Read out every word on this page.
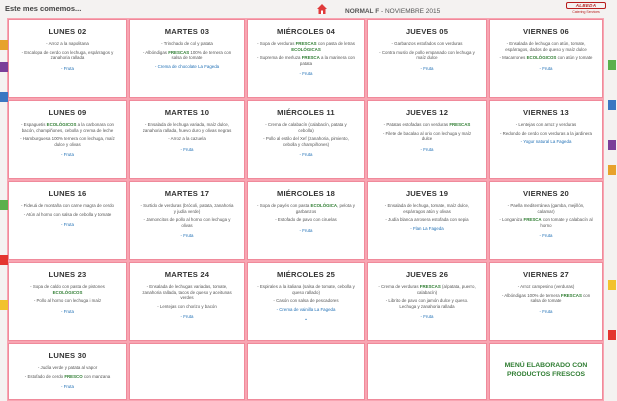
Este mes comemos...	NORMAL F - NOVIEMBRE 2015
ALBEDA
Catering Services
LUNES 02
- Arroz a la napolitana
- Escalopa de cerdo con lechuga, espárragos y zanahoria rallada
- Fruta
MARTES 03
- Trinchado de col y patata
- Albóndigas FRESCAS 100% de ternera con salsa de tomate
- Crema de chocolate La Fageda
MIÉRCOLES 04
- Sopa de verduras FRESCAS con pasta de letras ECOLÓGICAS
- Suprema de merluza FRESCA a la marinera con patata
- Fruta
JUEVES 05
- Garbanzos estofados con verduras
- Contra muslo de pollo empanado con lechuga y maíz dulce
- Fruta
VIERNES 06
- Ensalada de lechuga con atún, tomate, espárragos, dados de queso y maíz dulce
- Macarrones ECOLÓGICOS con atún y tomate
- Fruta
LUNES 09
- Espaguetis ECOLÓGICOS a la carbonara con bacón, champiñones, cebolla y crema de leche
- Hamburguesa 100% ternera con lechuga, maíz dulce y olivas
- Fruta
MARTES 10
- Ensalada de lechuga variada, maíz dulce, zanahoria rallada, huevo duro y olivas negras
- Arroz a la cazuela
- Fruta
MIÉRCOLES 11
- Crema de calabacín (calabacín, patata y cebolla)
- Pollo al estilo del Xef (zanahoria, pimiento, cebolla y champiñones)
- Fruta
JUEVES 12
- Patatas estofadas con verduras FRESCAS
- Filete de bacalao al orio con lechuga y maíz dulce
- Fruta
VIERNES 13
- Lentejas con arroz y verduras
- Redondo de cerdo con verduras a la jardinera
- Yogur natural La Fageda
LUNES 16
- Fideuá de montaña con carne magra de cerdo
- Atún al horno con salsa de cebolla y tomate
- Fruta
MARTES 17
- Surtido de verduras (brócoli, patata, zanahoria y judía verde)
- Jamoncitos de pollo al horno con lechuga y olivas
- Fruta
MIÉRCOLES 18
- Sopa de payés con pasta ECOLÓGICA, pelota y garbanzos
- Estofado de pavo con ciruelas
- Fruta
JUEVES 19
- Ensalada de lechuga, tomate, maíz dulce, espárragos atún y olivas
- Judía blanca arrosera estofada con sepia
- Flan La Fageda
VIERNES 20
- Paella mediterránea (gamba, mejillón, calamar)
- Longaniza FRESCA con tomate y calabacín al horno
- Fruta
LUNES 23
- Sopa de caldo con pasta de pistones ECOLÓGICOS
- Pollo al horno con lechuga i maíz
- Fruta
MARTES 24
- Ensalada de lechugas variadas, tomate, zanahoria rallada, tacos de queso y aceitunas verdes
- Lentejas con chorizo y bacón
- Fruta
MIÉRCOLES 25
- Espirales a la italiana (salsa de tomate, cebolla y queso rallado)
- Casón con salsa de pescadores
- Crema de vainilla La Fageda
•
JUEVES 26
- Crema de verduras FRESCAS (a/patata, puerro, calabacín)
- Librito de pavo con jamón dulce y queso. Lechuga y zanahoria rallada
- Fruta
VIERNES 27
- Arroz campesino (verduras)
- Albóndigas 100% de ternera FRESCAS con salsa de tomate
- Fruta
LUNES 30
- Judía verde y patata al vapor
- Estofado de cerdo FRESCO con manzana
- Fruta
MENÚ ELABORADO CON PRODUCTOS FRESCOS
